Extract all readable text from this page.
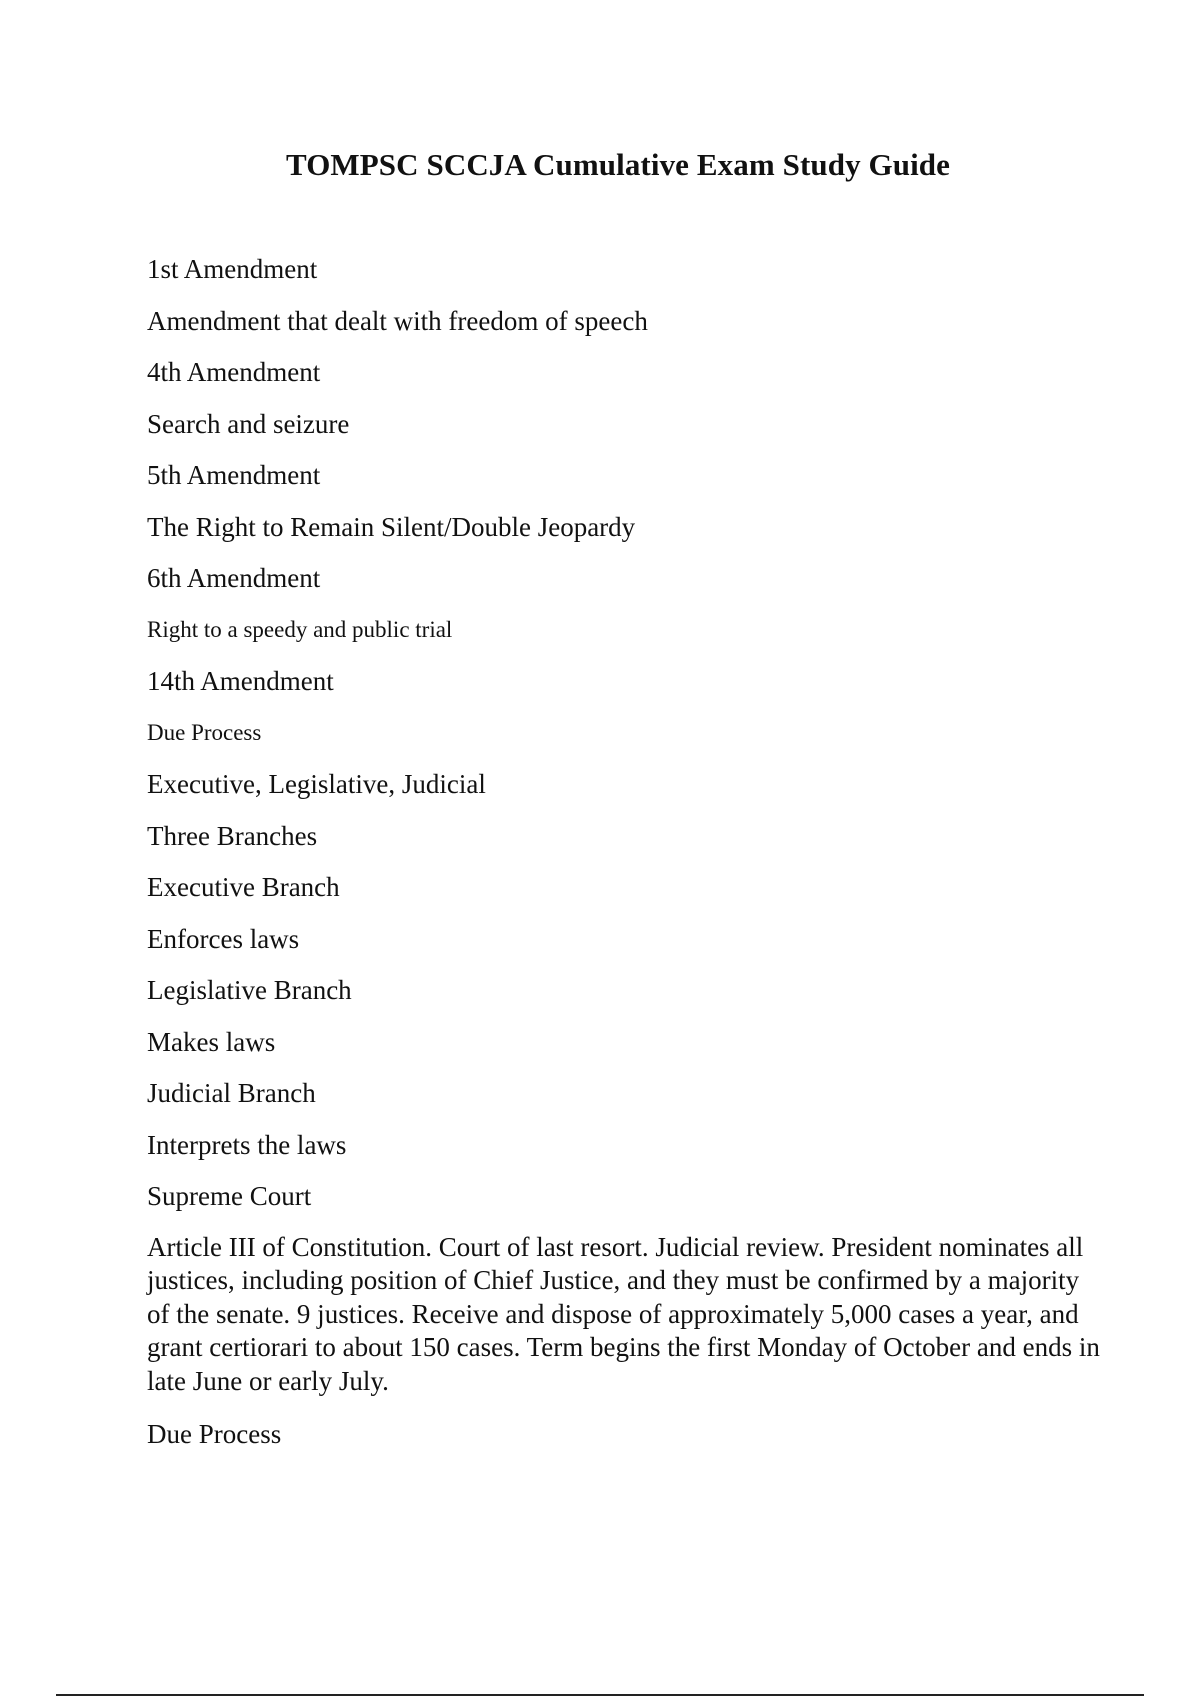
TOMPSC SCCJA Cumulative Exam Study Guide
1st Amendment
Amendment that dealt with freedom of speech
4th Amendment
Search and seizure
5th Amendment
The Right to Remain Silent/Double Jeopardy
6th Amendment
Right to a speedy and public trial
14th Amendment
Due Process
Executive, Legislative, Judicial
Three Branches
Executive Branch
Enforces laws
Legislative Branch
Makes laws
Judicial Branch
Interprets the laws
Supreme Court
Article III of Constitution. Court of last resort. Judicial review. President nominates all justices, including position of Chief Justice, and they must be confirmed by a majority of the senate. 9 justices. Receive and dispose of approximately 5,000 cases a year, and grant certiorari to about 150 cases. Term begins the first Monday of October and ends in late June or early July.
Due Process
